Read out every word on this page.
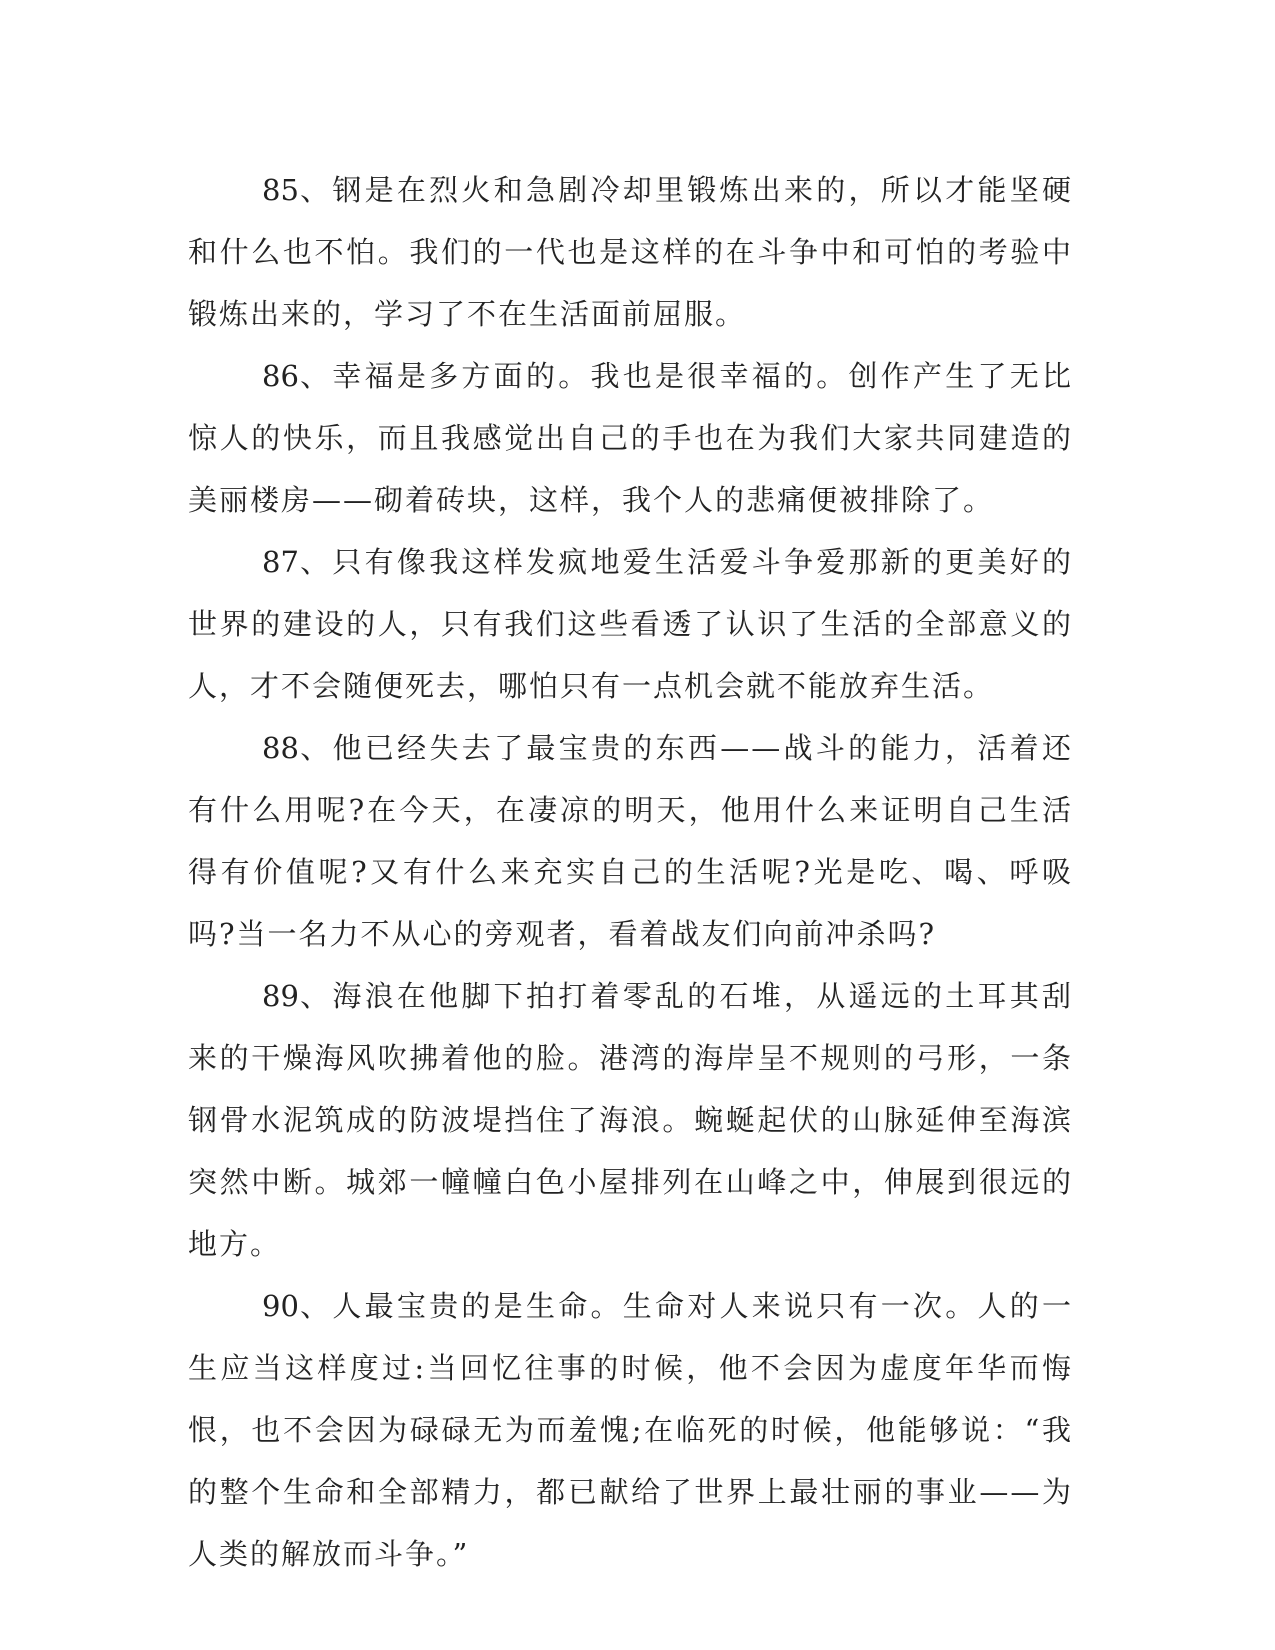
85、钢是在烈火和急剧冷却里锻炼出来的，所以才能坚硬和什么也不怕。我们的一代也是这样的在斗争中和可怕的考验中锻炼出来的，学习了不在生活面前屈服。

86、幸福是多方面的。我也是很幸福的。创作产生了无比惊人的快乐，而且我感觉出自己的手也在为我们大家共同建造的美丽楼房——砌着砖块，这样，我个人的悲痛便被排除了。

87、只有像我这样发疯地爱生活爱斗争爱那新的更美好的世界的建设的人，只有我们这些看透了认识了生活的全部意义的人，才不会随便死去，哪怕只有一点机会就不能放弃生活。

88、他已经失去了最宝贵的东西——战斗的能力，活着还有什么用呢?在今天，在凄凉的明天，他用什么来证明自己生活得有价值呢?又有什么来充实自己的生活呢?光是吃、喝、呼吸吗?当一名力不从心的旁观者，看着战友们向前冲杀吗?

89、海浪在他脚下拍打着零乱的石堆，从遥远的土耳其刮来的干燥海风吹拂着他的脸。港湾的海岸呈不规则的弓形，一条钢骨水泥筑成的防波堤挡住了海浪。蜿蜒起伏的山脉延伸至海滨突然中断。城郊一幢幢白色小屋排列在山峰之中，伸展到很远的地方。

90、人最宝贵的是生命。生命对人来说只有一次。人的一生应当这样度过:当回忆往事的时候，他不会因为虚度年华而悔恨，也不会因为碌碌无为而羞愧;在临死的时候，他能够说：“我的整个生命和全部精力，都已献给了世界上最壮丽的事业——为人类的解放而斗争。”
